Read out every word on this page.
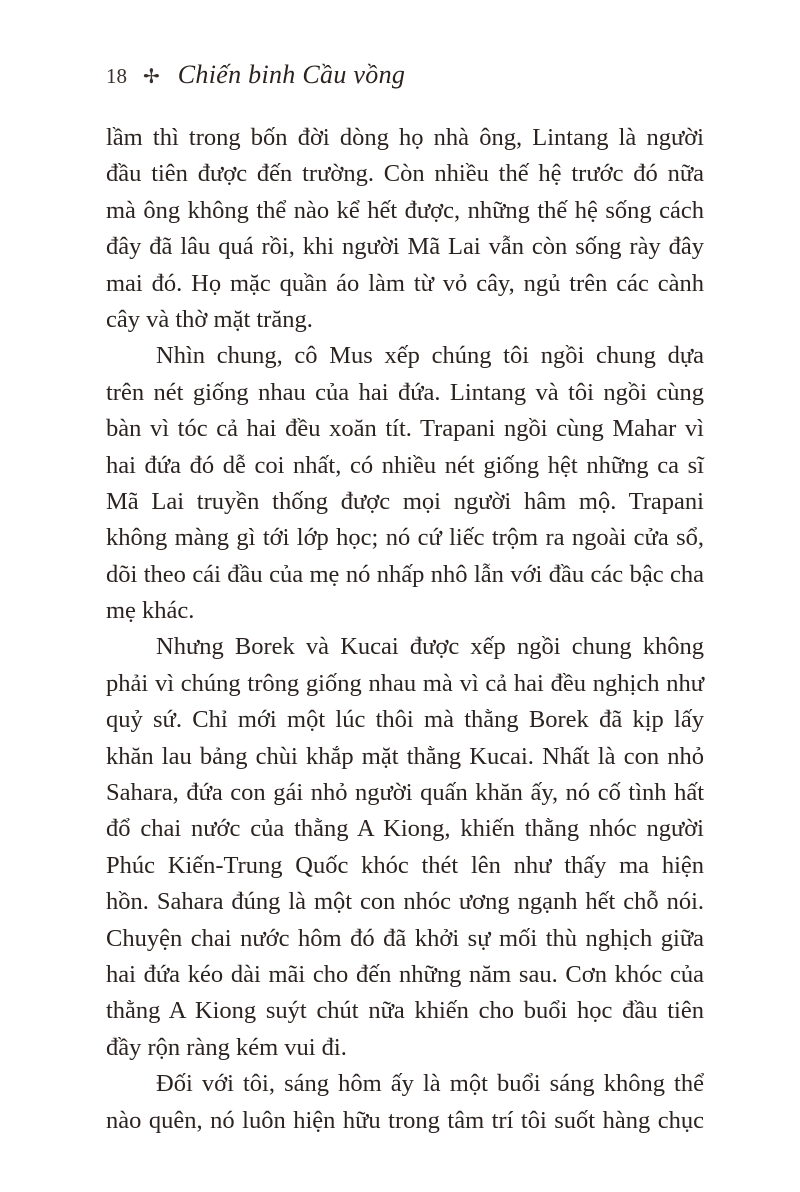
18 ✢ Chiến binh Cầu vồng
lầm thì trong bốn đời dòng họ nhà ông, Lintang là người
đầu tiên được đến trường. Còn nhiều thế hệ trước đó nữa
mà ông không thể nào kể hết được, những thế hệ sống cách
đây đã lâu quá rồi, khi người Mã Lai vẫn còn sống rày đây
mai đó. Họ mặc quần áo làm từ vỏ cây, ngủ trên các cành
cây và thờ mặt trăng.
Nhìn chung, cô Mus xếp chúng tôi ngồi chung dựa
trên nét giống nhau của hai đứa. Lintang và tôi ngồi cùng
bàn vì tóc cả hai đều xoăn tít. Trapani ngồi cùng Mahar vì
hai đứa đó dễ coi nhất, có nhiều nét giống hệt những ca sĩ
Mã Lai truyền thống được mọi người hâm mộ. Trapani
không màng gì tới lớp học; nó cứ liếc trộm ra ngoài cửa sổ,
dõi theo cái đầu của mẹ nó nhấp nhô lẫn với đầu các bậc cha
mẹ khác.
Nhưng Borek và Kucai được xếp ngồi chung không
phải vì chúng trông giống nhau mà vì cả hai đều nghịch như
quỷ sứ. Chỉ mới một lúc thôi mà thằng Borek đã kịp lấy
khăn lau bảng chùi khắp mặt thằng Kucai. Nhất là con nhỏ
Sahara, đứa con gái nhỏ người quấn khăn ấy, nó cố tình hất
đổ chai nước của thằng A Kiong, khiến thằng nhóc người
Phúc Kiến-Trung Quốc khóc thét lên như thấy ma hiện
hồn. Sahara đúng là một con nhóc ương ngạnh hết chỗ nói.
Chuyện chai nước hôm đó đã khởi sự mối thù nghịch giữa
hai đứa kéo dài mãi cho đến những năm sau. Cơn khóc của
thằng A Kiong suýt chút nữa khiến cho buổi học đầu tiên
đầy rộn ràng kém vui đi.
Đối với tôi, sáng hôm ấy là một buổi sáng không thể
nào quên, nó luôn hiện hữu trong tâm trí tôi suốt hàng chục
